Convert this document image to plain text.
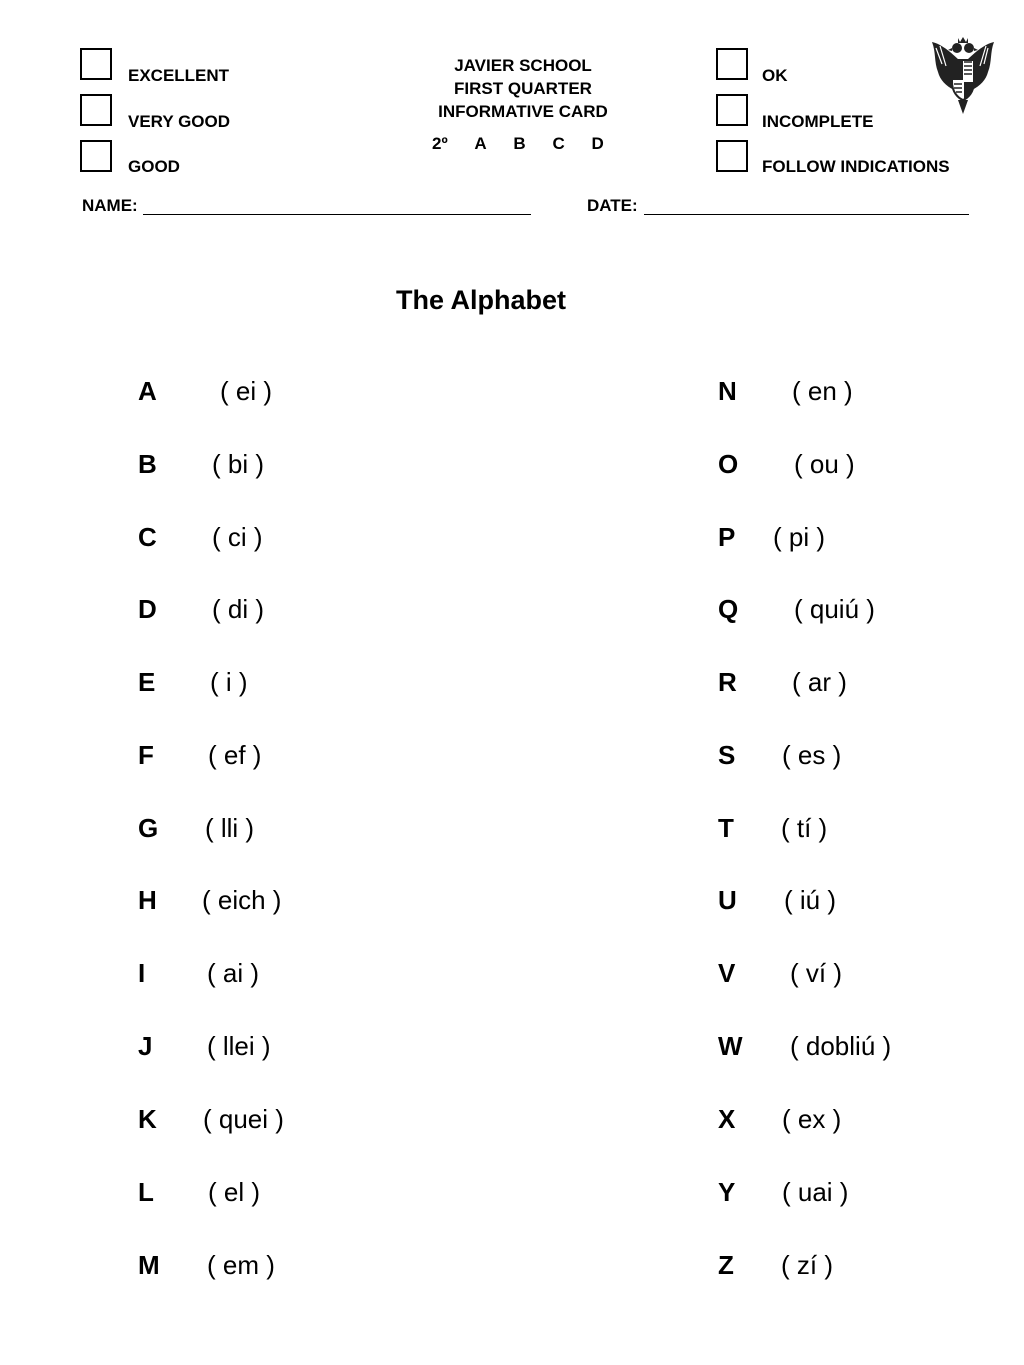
EXCELLENT
VERY GOOD
GOOD
JAVIER SCHOOL
FIRST QUARTER
INFORMATIVE CARD
2º A B C D
OK
INCOMPLETE
FOLLOW INDICATIONS
NAME:	DATE:
The Alphabet
A ( ei )
B ( bi )
C ( ci )
D ( di )
E ( i )
F ( ef )
G ( lli )
H ( eich )
I ( ai )
J ( llei )
K ( quei )
L ( el )
M ( em )
N ( en )
O ( ou )
P ( pi )
Q ( quiú )
R ( ar )
S ( es )
T ( tí )
U ( iú )
V ( ví )
W ( dobliú )
X ( ex )
Y ( uai )
Z ( zí )
